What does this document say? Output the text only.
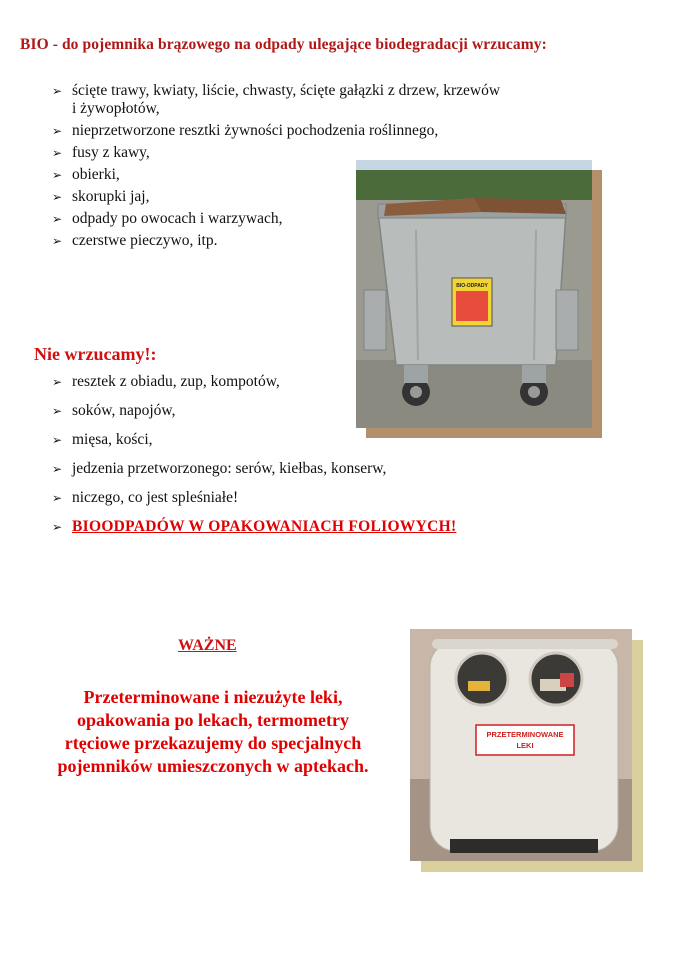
BIO - do pojemnika brązowego na odpady ulegające biodegradacji wrzucamy:
➢ ścięte trawy, kwiaty, liście, chwasty, ścięte gałązki z drzew, krzewów
i żywopłotów,
➢ nieprzetworzone resztki żywności pochodzenia roślinnego,
➢ fusy z kawy,
➢ obierki,
➢ skorupki jaj,
➢ odpady po owocach i warzywach,
➢ czerstwe pieczywo, itp.
BIO-ODPADY
Nie wrzucamy!:
➢ resztek z obiadu, zup, kompotów,
➢ soków, napojów,
➢ mięsa, kości,
➢ jedzenia przetworzonego: serów, kiełbas, konserw,
➢ niczego, co jest spleśniałe!
➢ BIOODPADÓW W OPAKOWANIACH FOLIOWYCH!
WAŻNE
Przeterminowane i niezużyte leki,
opakowania po lekach, termometry
rtęciowe przekazujemy do specjalnych
pojemników umieszczonych w aptekach.
PRZETERMINOWANE
LEKI
